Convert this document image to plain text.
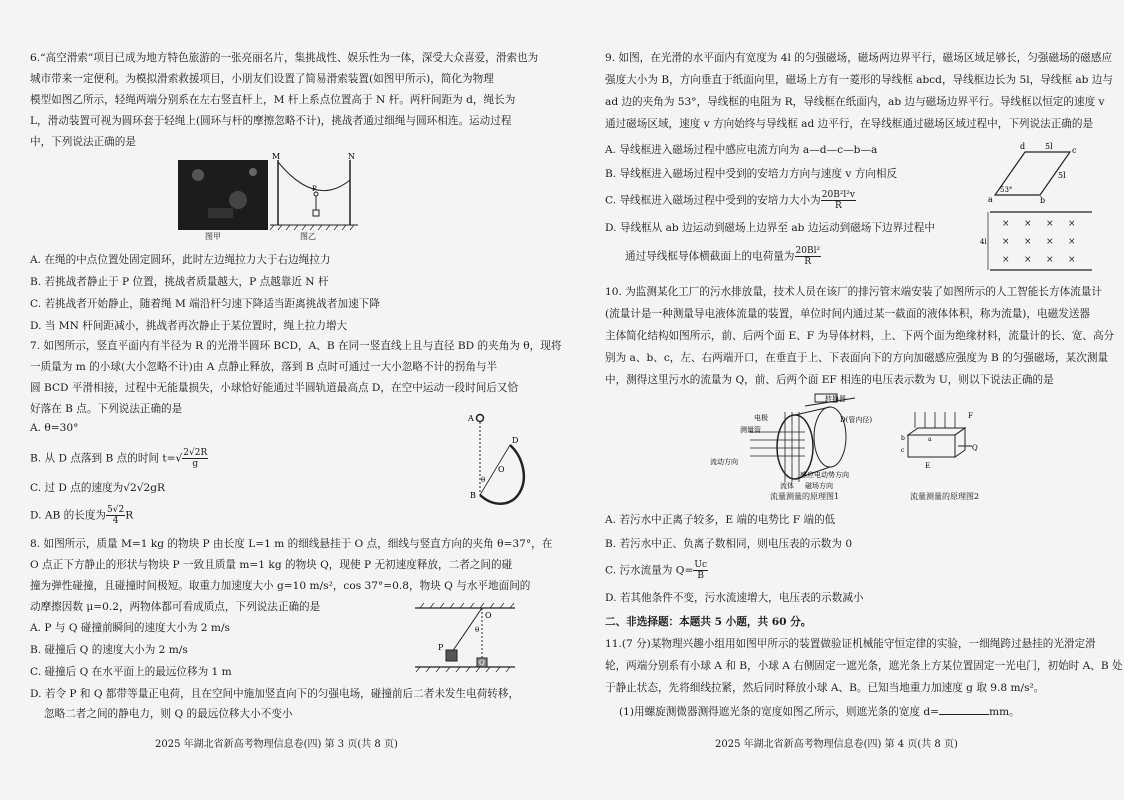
6.“高空滑索”项目已成为地方特色旅游的一张亮丽名片，集挑战性、娱乐性为一体，深受大众喜爱，滑索也为
城市带来一定便利。为模拟滑索救援项目，小朋友们设置了简易滑索装置(如图甲所示)，简化为物理
模型如图乙所示，轻绳两端分别系在左右竖直杆上，M 杆上系点位置高于 N 杆。两杆间距为 d，绳长为
L，滑动装置可视为圆环套于轻绳上(圆环与杆的摩擦忽略不计)，挑战者通过细绳与圆环相连。运动过程
中，下列说法正确的是
图甲
M	N
P
图乙
A. 在绳的中点位置处固定圆环，此时左边绳拉力大于右边绳拉力
B. 若挑战者静止于 P 位置，挑战者质量越大，P 点越靠近 N 杆
C. 若挑战者开始静止，随着绳 M 端沿杆匀速下降适当距离挑战者加速下降
D. 当 MN 杆间距减小，挑战者再次静止于某位置时，绳上拉力增大
7. 如图所示，竖直平面内有半径为 R 的光滑半圆环 BCD，A、B 在同一竖直线上且与直径 BD 的夹角为 θ，现将
一质量为 m 的小球(大小忽略不计)由 A 点静止释放，落到 B 点时可通过一大小忽略不计的拐角与半
圆 BCD 平滑相接，过程中无能量损失，小球恰好能通过半圆轨道最高点 D，在空中运动一段时间后又恰
好落在 B 点。下列说法正确的是
A. θ=30°
B. 从 D 点落到 B 点的时间 $t=√ \frac{2√2R}{g}$
C. 过 D 点的速度为√2√2gR
D. AB 的长度为 $\frac{5√2}{4}$ R
A
B
D
O
θ
8. 如图所示，质量 M=1 kg 的物块 P 由长度 L=1 m 的细线悬挂于 O 点，细线与竖直方向的夹角 θ=37°，在
O 点正下方静止的形状与物块 P 一致且质量 m=1 kg 的物块 Q，现使 P 无初速度释放，二者之间的碰
撞为弹性碰撞，且碰撞时间极短。取重力加速度大小 g=10 m/s²，cos 37°=0.8，物块 Q 与水平地面间的
动摩擦因数 μ=0.2，两物体都可看成质点，下列说法正确的是
A. P 与 Q 碰撞前瞬间的速度大小为 2 m/s
B. 碰撞后 Q 的速度大小为 2 m/s
C. 碰撞后 Q 在水平面上的最远位移为 1 m
D. 若令 P 和 Q 都带等量正电荷，且在空间中施加竖直向下的匀强电场，碰撞前后二者未发生电荷转移，
忽略二者之间的静电力，则 Q 的最远位移大小不变小
O
P
Q
θ
2025 年湖北省新高考物理信息卷(四) 第 3 页(共 8 页)
9. 如图，在光滑的水平面内有宽度为 4l 的匀强磁场，磁场两边界平行，磁场区域足够长，匀强磁场的磁感应
强度大小为 B，方向垂直于纸面向里，磁场上方有一菱形的导线框 abcd，导线框边长为 5l，导线框 ab 边与
ad 边的夹角为 53°，导线框的电阻为 R，导线框在纸面内，ab 边与磁场边界平行。导线框以恒定的速度 v
通过磁场区域，速度 v 方向始终与导线框 ad 边平行，在导线框通过磁场区域过程中，下列说法正确的是
A. 导线框进入磁场过程中感应电流方向为 a—d—c—b—a
B. 导线框进入磁场过程中受到的安培力方向与速度 v 方向相反
C. 导线框进入磁场过程中受到的安培力大小为 $\frac{\text{20B²l²v}}{R}$
D. 导线框从 ab 边运动到磁场上边界至 ab 边运动到磁场下边界过程中
通过导线框导体横截面上的电荷量为 $\frac{\text{20Bl²}}{R}$
d	c
a	b
5l
5l
53°
4l
× × × ×
× × × ×
× × × ×
10. 为监测某化工厂的污水排放量，技术人员在该厂的排污管末端安装了如图所示的人工智能长方体流量计
(流量计是一种测量导电液体流量的装置，单位时间内通过某一截面的液体体积，称为流量)，电磁发送器
主体简化结构如图所示，前、后两个面 E、F 为导体材料，上、下两个面为绝缘材料，流量计的长、宽、高分
别为 a、b、c，左、右两端开口，在垂直于上、下表面向下的方向加磁感应强度为 B 的匀强磁场，某次测量
中，测得这里污水的流量为 Q，前、后两个面 EF 相连的电压表示数为 U，则以下说法正确的是
转换器
D(管内径)
电极
测量管
流动方向
感应电动势方向
流体 磁场方向
流量测量的原理图1
F
E
Q
a
b
c
流量测量的原理图2
A. 若污水中正离子较多，E 端的电势比 F 端的低
B. 若污水中正、负离子数相同，则电压表的示数为 0
C. 污水流量为 $Q= \frac{Uc}{B}$
D. 若其他条件不变，污水流速增大，电压表的示数减小
二、非选择题：本题共 5 小题，共 60 分。
11.(7 分)某物理兴趣小组用如图甲所示的装置做验证机械能守恒定律的实验，一细绳跨过悬挂的光滑定滑
轮，两端分别系有小球 A 和 B，小球 A 右侧固定一遮光条，遮光条上方某位置固定一光电门，初始时 A、B 处
于静止状态，先将细线拉紧，然后同时释放小球 A、B。已知当地重力加速度 g 取 9.8 m/s²。
(1)用螺旋测微器测得遮光条的宽度如图乙所示，则遮光条的宽度 d=	mm。
2025 年湖北省新高考物理信息卷(四) 第 4 页(共 8 页)
